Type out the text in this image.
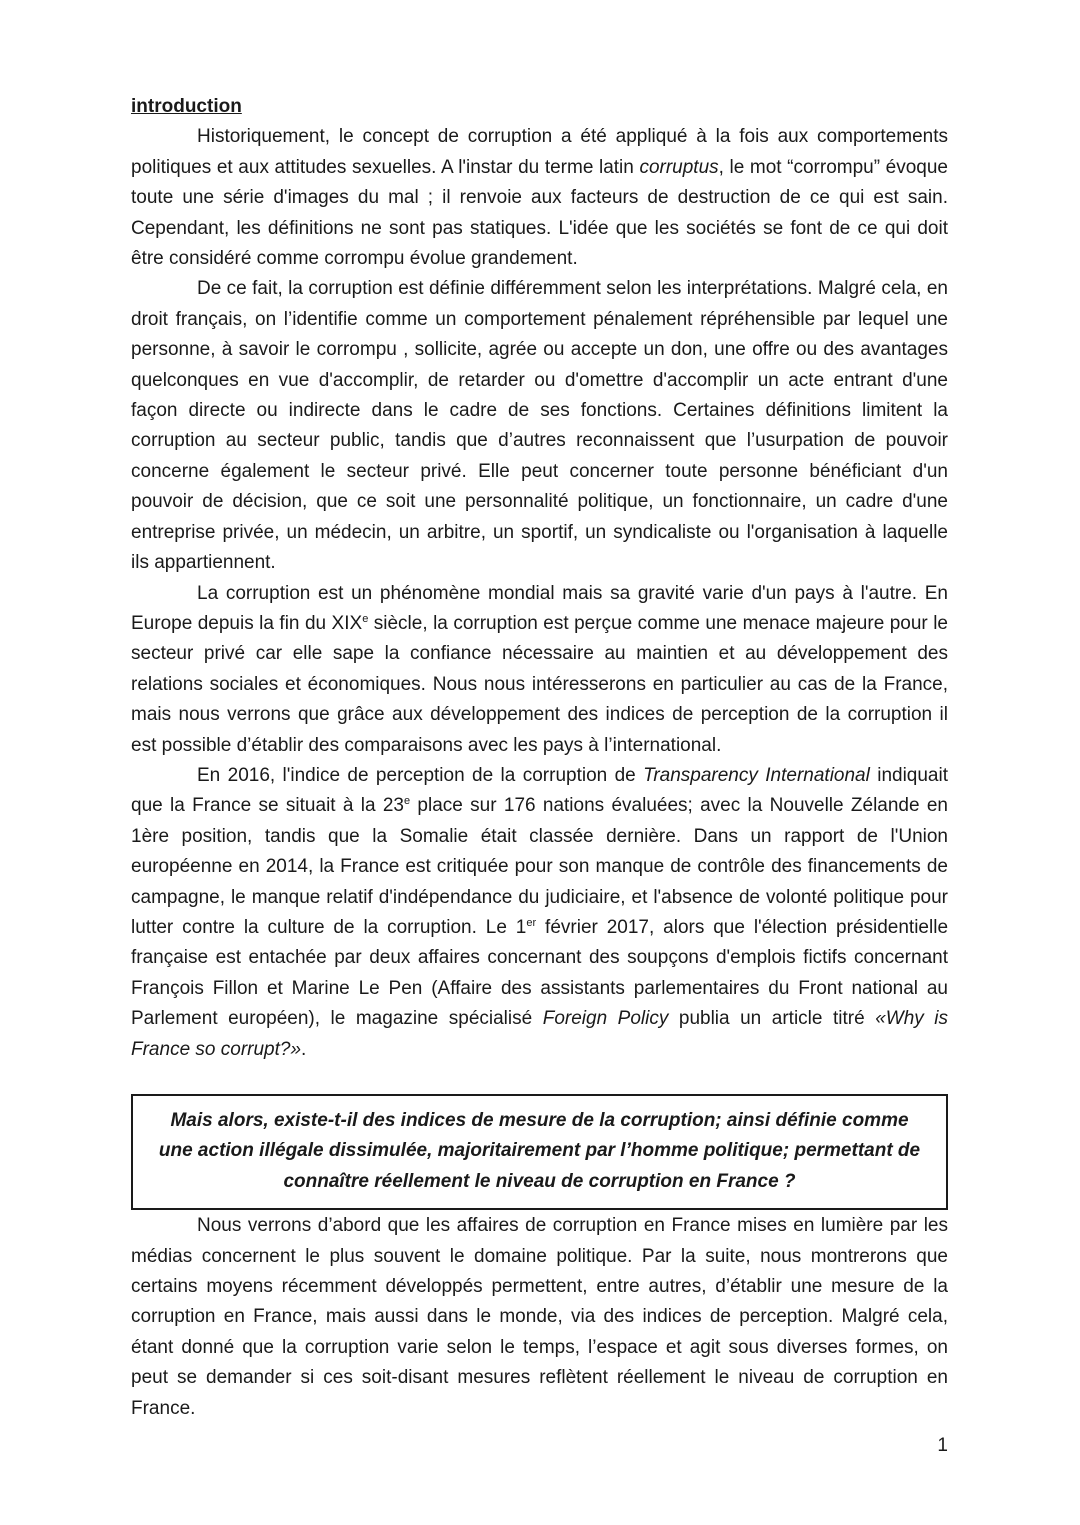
introduction

Historiquement, le concept de corruption a été appliqué à la fois aux comportements politiques et aux attitudes sexuelles. A l'instar du terme latin corruptus, le mot “corrompu” évoque toute une série d'images du mal ; il renvoie aux facteurs de destruction de ce qui est sain. Cependant, les définitions ne sont pas statiques. L'idée que les sociétés se font de ce qui doit être considéré comme corrompu évolue grandement.

De ce fait, la corruption est définie différemment selon les interprétations. Malgré cela, en droit français, on l’identifie comme un comportement pénalement répréhensible par lequel une personne, à savoir le corrompu , sollicite, agrée ou accepte un don, une offre ou des avantages quelconques en vue d'accomplir, de retarder ou d'omettre d'accomplir un acte entrant d'une façon directe ou indirecte dans le cadre de ses fonctions. Certaines définitions limitent la corruption au secteur public, tandis que d’autres reconnaissent que l’usurpation de pouvoir concerne également le secteur privé. Elle peut concerner toute personne bénéficiant d'un pouvoir de décision, que ce soit une personnalité politique, un fonctionnaire, un cadre d'une entreprise privée, un médecin, un arbitre, un sportif, un syndicaliste ou l'organisation à laquelle ils appartiennent.

La corruption est un phénomène mondial mais sa gravité varie d'un pays à l'autre. En Europe depuis la fin du XIXe siècle, la corruption est perçue comme une menace majeure pour le secteur privé car elle sape la confiance nécessaire au maintien et au développement des relations sociales et économiques. Nous nous intéresserons en particulier au cas de la France, mais nous verrons que grâce aux développement des indices de perception de la corruption il est possible d’établir des comparaisons avec les pays à l’international.

En 2016, l'indice de perception de la corruption de Transparency International indiquait que la France se situait à la 23e place sur 176 nations évaluées; avec la Nouvelle Zélande en 1ère position, tandis que la Somalie était classée dernière. Dans un rapport de l'Union européenne en 2014, la France est critiquée pour son manque de contrôle des financements de campagne, le manque relatif d'indépendance du judiciaire, et l'absence de volonté politique pour lutter contre la culture de la corruption. Le 1er février 2017, alors que l'élection présidentielle française est entachée par deux affaires concernant des soupçons d'emplois fictifs concernant François Fillon et Marine Le Pen (Affaire des assistants parlementaires du Front national au Parlement européen), le magazine spécialisé Foreign Policy publia un article titré «Why is France so corrupt?».

Mais alors, existe-t-il des indices de mesure de la corruption; ainsi définie comme une action illégale dissimulée, majoritairement par l’homme politique; permettant de connaître réellement le niveau de corruption en France ?

Nous verrons d’abord que les affaires de corruption en France mises en lumière par les médias concernent le plus souvent le domaine politique. Par la suite, nous montrerons que certains moyens récemment développés permettent, entre autres, d’établir une mesure de la corruption en France, mais aussi dans le monde, via des indices de perception. Malgré cela, étant donné que la corruption varie selon le temps, l’espace et agit sous diverses formes, on peut se demander si ces soit-disant mesures reflètent réellement le niveau de corruption en France.

1
